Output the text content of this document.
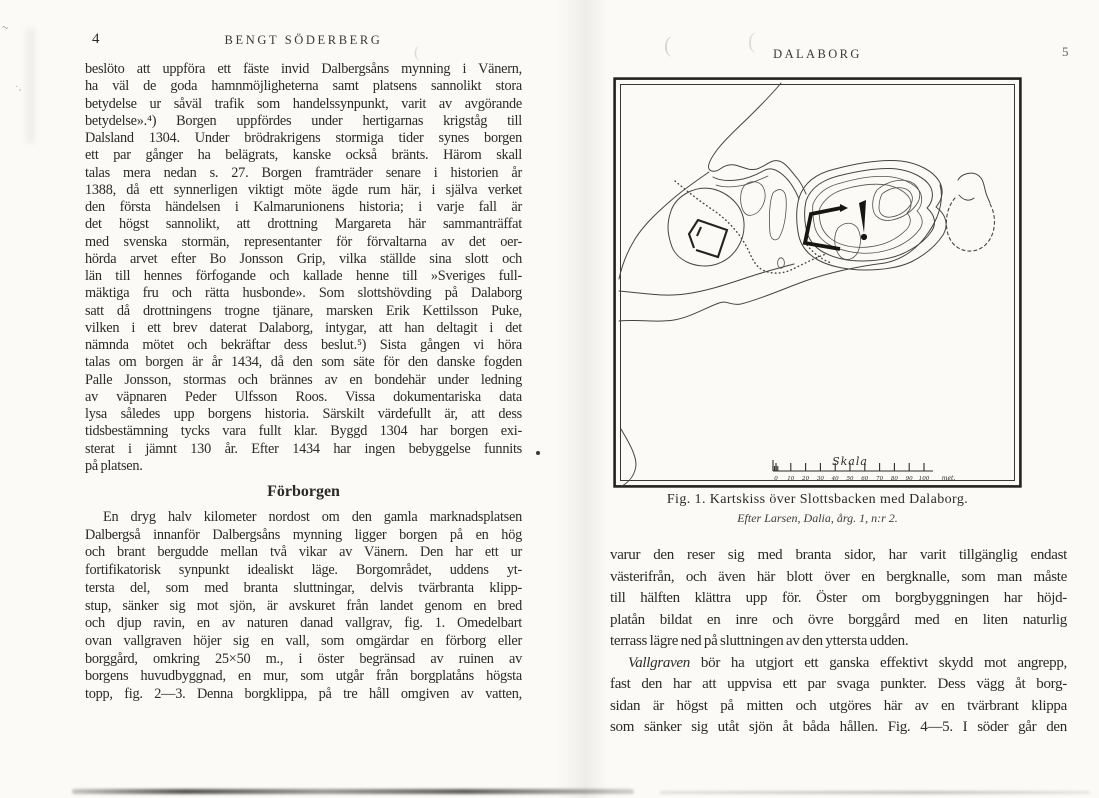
~
·‚
(	(
(
4	BENGT SÖDERBERG
beslöto att uppföra ett fäste invid Dalbergsåns mynning i Vänern,
ha väl de goda hamnmöjligheterna samt platsens sannolikt stora
betydelse ur såväl trafik som handelssynpunkt, varit av avgörande
betydelse».⁴) Borgen uppfördes under hertigarnas krigståg till
Dalsland 1304. Under brödrakrigens stormiga tider synes borgen
ett par gånger ha belägrats, kanske också bränts. Härom skall
talas mera nedan s. 27. Borgen framträder senare i historien år
1388, då ett synnerligen viktigt möte ägde rum här, i själva verket
den första händelsen i Kalmarunionens historia; i varje fall är
det högst sannolikt, att drottning Margareta här sammanträffat
med svenska stormän, representanter för förvaltarna av det oer-
hörda arvet efter Bo Jonsson Grip, vilka ställde sina slott och
län till hennes förfogande och kallade henne till »Sveriges full-
mäktiga fru och rätta husbonde». Som slottshövding på Dalaborg
satt då drottningens trogne tjänare, marsken Erik Kettilsson Puke,
vilken i ett brev daterat Dalaborg, intygar, att han deltagit i det
nämnda mötet och bekräftar dess beslut.⁵) Sista gången vi höra
talas om borgen är år 1434, då den som säte för den danske fogden
Palle Jonsson, stormas och brännes av en bondehär under ledning
av väpnaren Peder Ulfsson Roos. Vissa dokumentariska data
lysa således upp borgens historia. Särskilt värdefullt är, att dess
tidsbestämning tycks vara fullt klar. Byggd 1304 har borgen exi-
sterat i jämnt 130 år. Efter 1434 har ingen bebyggelse funnits
på platsen.
Förborgen
En dryg halv kilometer nordost om den gamla marknadsplatsen
Dalbergså innanför Dalbergsåns mynning ligger borgen på en hög
och brant bergudde mellan två vikar av Vänern. Den har ett ur
fortifikatorisk synpunkt idealiskt läge. Borgområdet, uddens yt-
tersta del, som med branta sluttningar, delvis tvärbranta klipp-
stup, sänker sig mot sjön, är avskuret från landet genom en bred
och djup ravin, en av naturen danad vallgrav, fig. 1. Omedelbart
ovan vallgraven höjer sig en vall, som omgärdar en förborg eller
borggård, omkring 25×50 m., i öster begränsad av ruinen av
borgens huvudbyggnad, en mur, som utgår från borgplatåns högsta
topp, fig. 2—3. Denna borgklippa, på tre håll omgiven av vatten,
5
DALABORG
Skala
0 10 20 30 40 50 60 70 80 90 100 met.
Fig. 1. Kartskiss över Slottsbacken med Dalaborg.
Efter Larsen, Dalia, årg. 1, n:r 2.
varur den reser sig med branta sidor, har varit tillgänglig endast
västerifrån, och även här blott över en bergknalle, som man måste
till hälften klättra upp för. Öster om borgbyggningen har höjd-
platån bildat en inre och övre borggård med en liten naturlig
terrass lägre ned på sluttningen av den yttersta udden.
Vallgraven bör ha utgjort ett ganska effektivt skydd mot angrepp,
fast den har att uppvisa ett par svaga punkter. Dess vägg åt borg-
sidan är högst på mitten och utgöres här av en tvärbrant klippa
som sänker sig utåt sjön åt båda hållen. Fig. 4—5. I söder går den
